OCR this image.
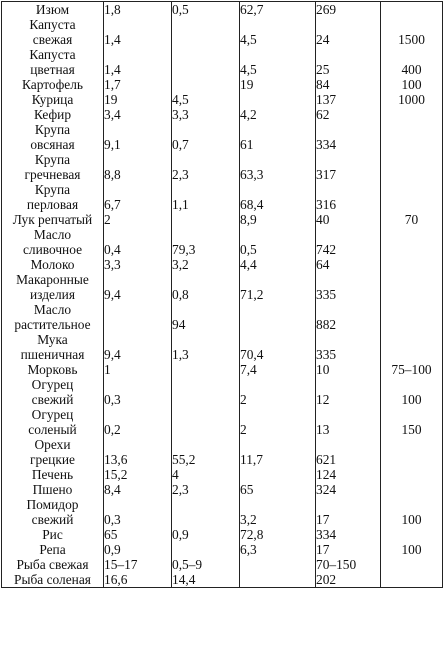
Изюм	1,8	0,5	62,7	269	

Капуста
свежая	1,4		4,5	24	1500

Капуста
цветная	1,4		4,5	25	400

Картофель	1,7		19	84	100

Курица	19	4,5		137	1000

Кефир	3,4	3,3	4,2	62	

Крупа
овсяная	9,1	0,7	61	334	

Крупа
гречневая	8,8	2,3	63,3	317	

Крупа
перловая	6,7	1,1	68,4	316	

Лук репчатый	2		8,9	40	70

Масло
сливочное	0,4	79,3	0,5	742	

Молоко	3,3	3,2	4,4	64	

Макаронные
изделия	9,4	0,8	71,2	335	

Масло
растительное		94		882	

Мука
пшеничная	9,4	1,3	70,4	335	

Морковь	1		7,4	10	75–100

Огурец
свежий	0,3		2	12	100

Огурец
соленый	0,2		2	13	150

Орехи
грецкие	13,6	55,2	11,7	621	

Печень	15,2	4		124	

Пшено	8,4	2,3	65	324	

Помидор
свежий	0,3		3,2	17	100

Рис	65	0,9	72,8	334	

Репа	0,9		6,3	17	100

Рыба свежая	15–17	0,5–9		70–150	

Рыба соленая	16,6	14,4		202	
